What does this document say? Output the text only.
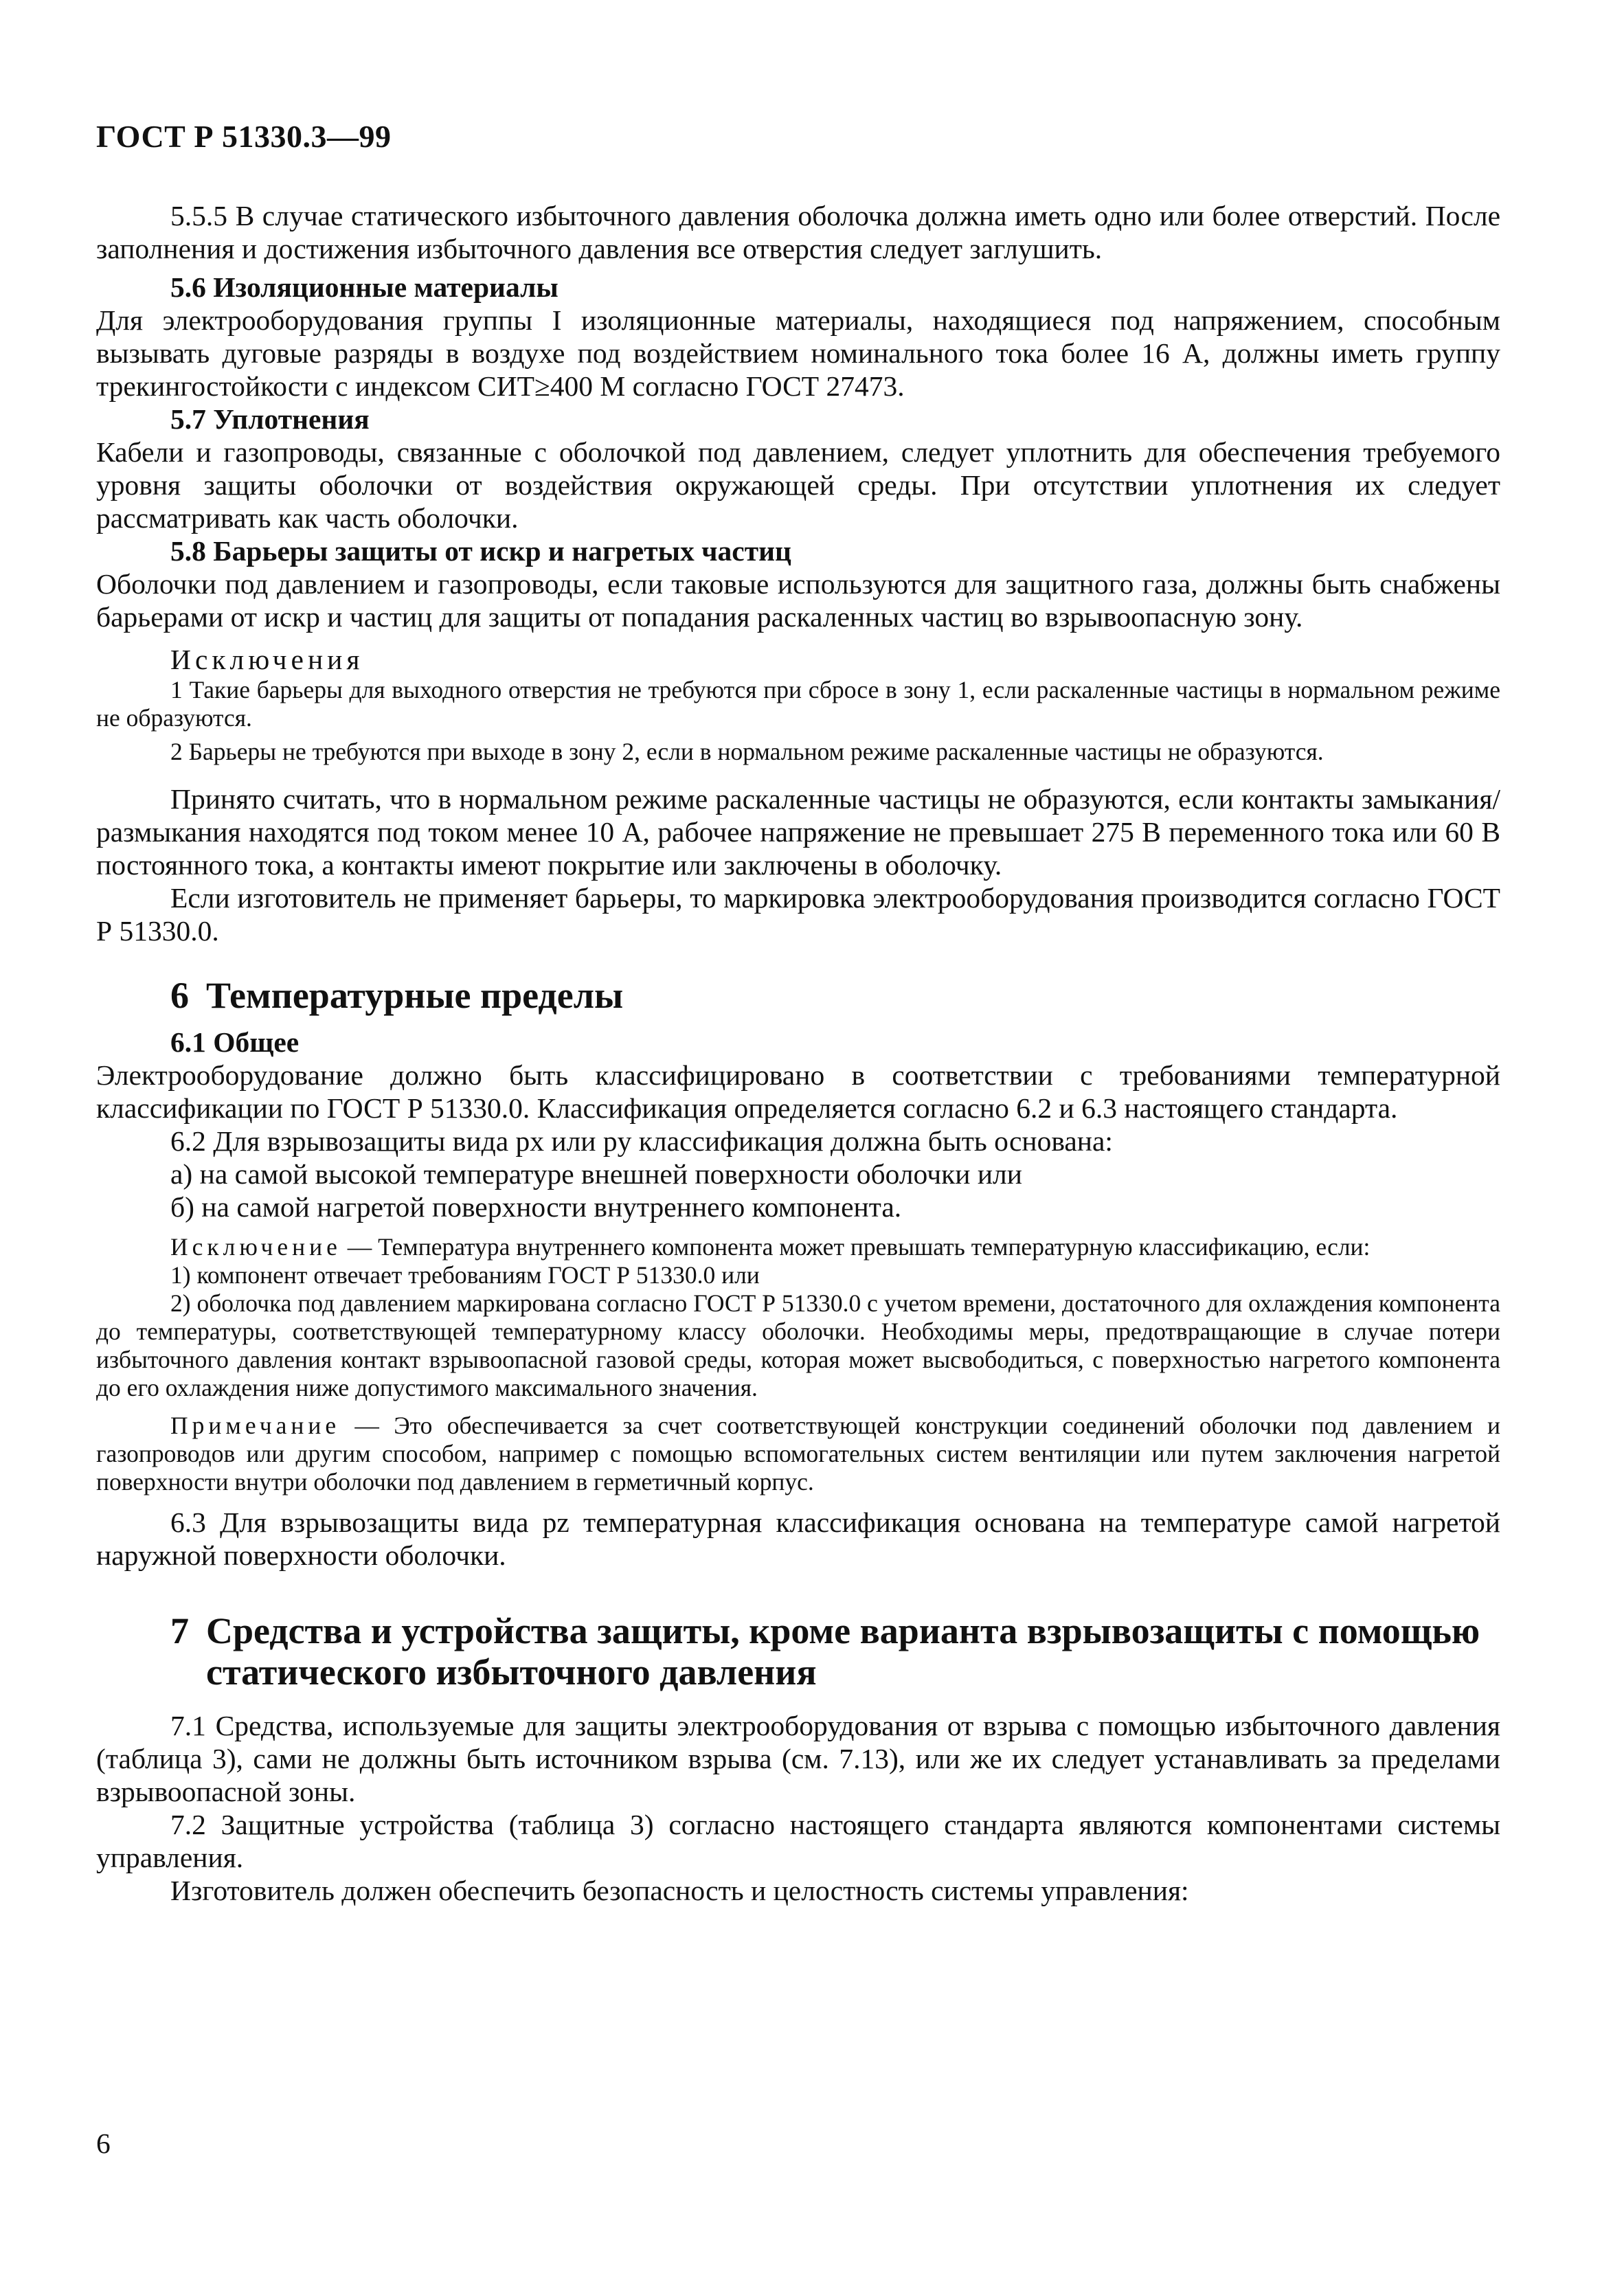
ГОСТ Р 51330.3—99

5.5.5 В случае статического избыточного давления оболочка должна иметь одно или более отверстий. После заполнения и достижения избыточного давления все отверстия следует заглушить.

5.6 Изоляционные материалы

Для электрооборудования группы I изоляционные материалы, находящиеся под напряжением, способным вызывать дуговые разряды в воздухе под воздействием номинального тока более 16 А, должны иметь группу трекингостойкости с индексом СИТ≥400 М согласно ГОСТ 27473.

5.7 Уплотнения

Кабели и газопроводы, связанные с оболочкой под давлением, следует уплотнить для обеспечения требуемого уровня защиты оболочки от воздействия окружающей среды. При отсутствии уплотнения их следует рассматривать как часть оболочки.

5.8 Барьеры защиты от искр и нагретых частиц

Оболочки под давлением и газопроводы, если таковые используются для защитного газа, должны быть снабжены барьерами от искр и частиц для защиты от попадания раскаленных частиц во взрывоопасную зону.

Исключения

1 Такие барьеры для выходного отверстия не требуются при сбросе в зону 1, если раскаленные частицы в нормальном режиме не образуются.

2 Барьеры не требуются при выходе в зону 2, если в нормальном режиме раскаленные частицы не образуются.

Принято считать, что в нормальном режиме раскаленные частицы не образуются, если контакты замыкания/размыкания находятся под током менее 10 А, рабочее напряжение не превышает 275 В переменного тока или 60 В постоянного тока, а контакты имеют покрытие или заключены в оболочку.

Если изготовитель не применяет барьеры, то маркировка электрооборудования производится согласно ГОСТ Р 51330.0.

6 Температурные пределы

6.1 Общее

Электрооборудование должно быть классифицировано в соответствии с требованиями температурной классификации по ГОСТ Р 51330.0. Классификация определяется согласно 6.2 и 6.3 настоящего стандарта.

6.2 Для взрывозащиты вида px или py классификация должна быть основана:

а) на самой высокой температуре внешней поверхности оболочки или

б) на самой нагретой поверхности внутреннего компонента.

Исключение — Температура внутреннего компонента может превышать температурную классификацию, если:

1) компонент отвечает требованиям ГОСТ Р 51330.0 или

2) оболочка под давлением маркирована согласно ГОСТ Р 51330.0 с учетом времени, достаточного для охлаждения компонента до температуры, соответствующей температурному классу оболочки. Необходимы меры, предотвращающие в случае потери избыточного давления контакт взрывоопасной газовой среды, которая может высвободиться, с поверхностью нагретого компонента до его охлаждения ниже допустимого максимального значения.

Примечание — Это обеспечивается за счет соответствующей конструкции соединений оболочки под давлением и газопроводов или другим способом, например с помощью вспомогательных систем вентиляции или путем заключения нагретой поверхности внутри оболочки под давлением в герметичный корпус.

6.3 Для взрывозащиты вида pz температурная классификация основана на температуре самой нагретой наружной поверхности оболочки.

7 Средства и устройства защиты, кроме варианта взрывозащиты с помощью
статического избыточного давления

7.1 Средства, используемые для защиты электрооборудования от взрыва с помощью избыточного давления (таблица 3), сами не должны быть источником взрыва (см. 7.13), или же их следует устанавливать за пределами взрывоопасной зоны.

7.2 Защитные устройства (таблица 3) согласно настоящего стандарта являются компонентами системы управления.

Изготовитель должен обеспечить безопасность и целостность системы управления:

6
